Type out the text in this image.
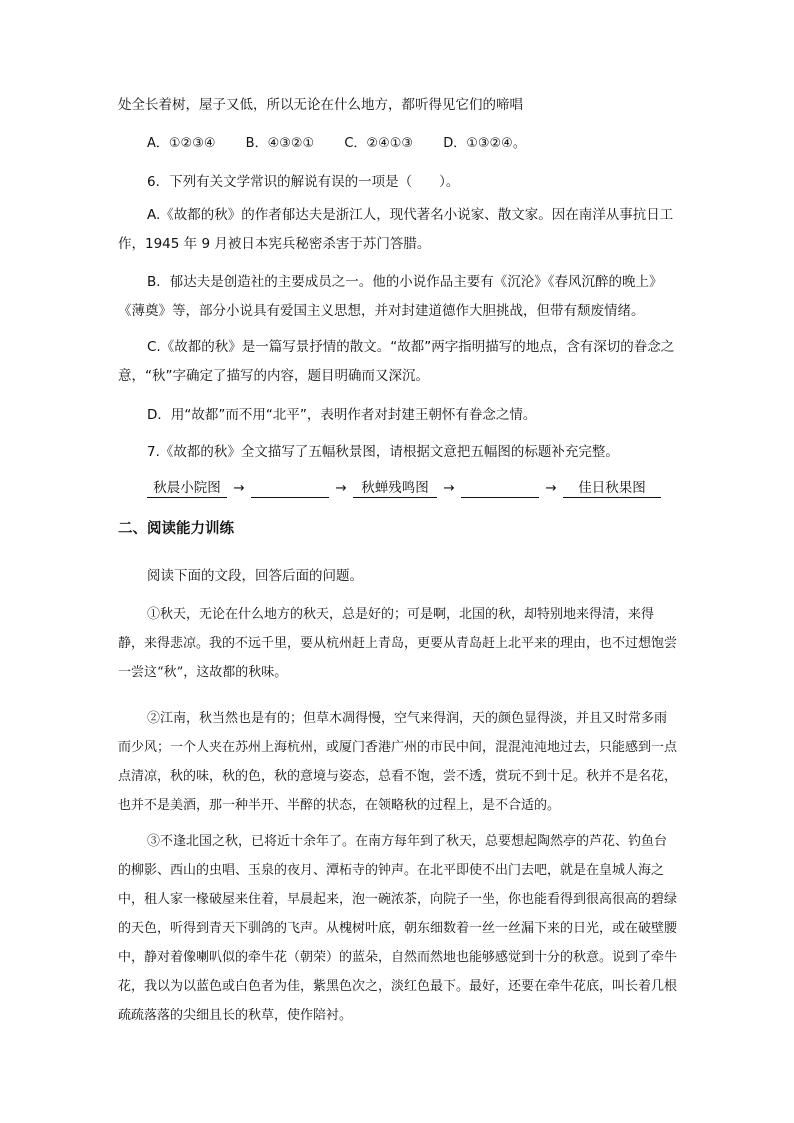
处全长着树，屋子又低，所以无论在什么地方，都听得见它们的啼唱
A．①②③④ B．④③②① C．②④①③ D．①③②④。
6．下列有关文学常识的解说有误的一项是（　　）。
A.《故都的秋》的作者郁达夫是浙江人，现代著名小说家、散文家。因在南洋从事抗日工作，1945 年 9 月被日本宪兵秘密杀害于苏门答腊。
B．郁达夫是创造社的主要成员之一。他的小说作品主要有《沉沦》《春风沉醉的晚上》《薄奠》等，部分小说具有爱国主义思想，并对封建道德作大胆挑战，但带有颓废情绪。
C.《故都的秋》是一篇写景抒情的散文。“故都”两字指明描写的地点，含有深切的眷念之意，“秋”字确定了描写的内容，题目明确而又深沉。
D．用“故都”而不用“北平”，表明作者对封建王朝怀有眷念之情。
7.《故都的秋》全文描写了五幅秋景图，请根据文意把五幅图的标题补充完整。
秋晨小院图 →	→ 秋蝉残鸣图 →	→ 佳日秋果图
二、阅读能力训练
阅读下面的文段，回答后面的问题。
①秋天，无论在什么地方的秋天，总是好的；可是啊，北国的秋，却特别地来得清，来得静，来得悲凉。我的不远千里，要从杭州赶上青岛，更要从青岛赶上北平来的理由，也不过想饱尝一尝这“秋”，这故都的秋味。
②江南，秋当然也是有的；但草木凋得慢，空气来得润，天的颜色显得淡，并且又时常多雨而少风；一个人夹在苏州上海杭州，或厦门香港广州的市民中间，混混沌沌地过去，只能感到一点点清凉，秋的味，秋的色，秋的意境与姿态，总看不饱，尝不透，赏玩不到十足。秋并不是名花，也并不是美酒，那一种半开、半醉的状态，在领略秋的过程上，是不合适的。
③不逢北国之秋，已将近十余年了。在南方每年到了秋天，总要想起陶然亭的芦花、钓鱼台的柳影、西山的虫唱、玉泉的夜月、潭柘寺的钟声。在北平即使不出门去吧，就是在皇城人海之中，租人家一椽破屋来住着，早晨起来，泡一碗浓茶，向院子一坐，你也能看得到很高很高的碧绿的天色，听得到青天下驯鸽的飞声。从槐树叶底，朝东细数着一丝一丝漏下来的日光，或在破壁腰中，静对着像喇叭似的牵牛花（朝荣）的蓝朵，自然而然地也能够感觉到十分的秋意。说到了牵牛花，我以为以蓝色或白色者为佳，紫黑色次之，淡红色最下。最好，还要在牵牛花底，叫长着几根疏疏落落的尖细且长的秋草，使作陪衬。
